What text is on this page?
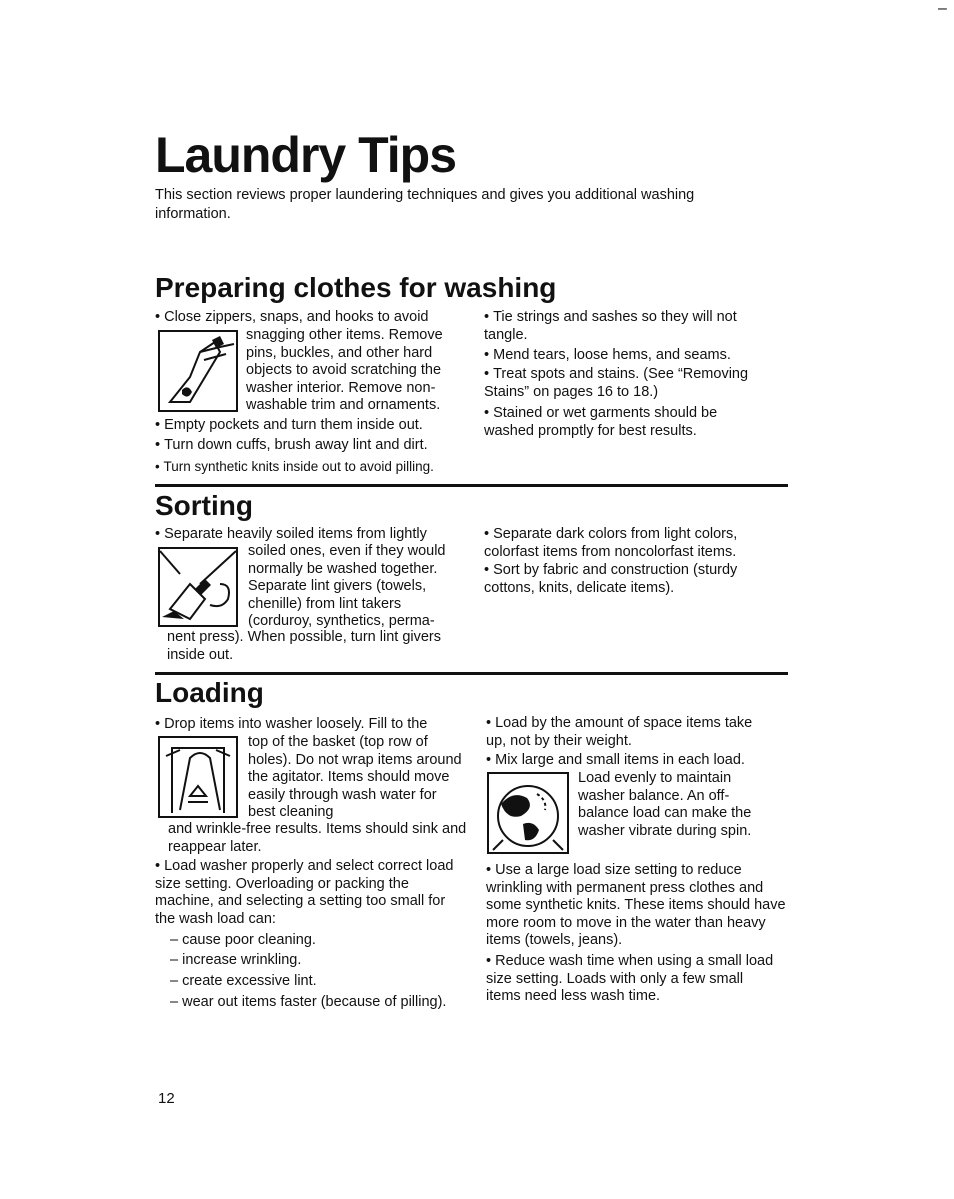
–
Laundry Tips
This section reviews proper laundering techniques and gives you additional washing information.
Preparing clothes for washing
• Close zippers, snaps, and hooks to avoid
snagging other items. Remove pins, buckles, and other hard objects to avoid scratching the washer interior. Remove non-washable trim and ornaments.
• Empty pockets and turn them inside out.
• Turn down cuffs, brush away lint and dirt.
• Turn synthetic knits inside out to avoid pilling.
• Tie strings and sashes so they will not tangle.
• Mend tears, loose hems, and seams.
• Treat spots and stains. (See “Removing Stains” on pages 16 to 18.)
• Stained or wet garments should be washed promptly for best results.
Sorting
• Separate heavily soiled items from lightly
soiled ones, even if they would normally be washed together. Separate lint givers (towels, chenille) from lint takers (corduroy, synthetics, perma-
nent press). When possible, turn lint givers inside out.
• Separate dark colors from light colors, colorfast items from noncolorfast items.
• Sort by fabric and construction (sturdy cottons, knits, delicate items).
Loading
• Drop items into washer loosely. Fill to the
top of the basket (top row of holes). Do not wrap items around the agitator. Items should move easily through wash water for best cleaning
and wrinkle-free results. Items should sink and reappear later.
• Load washer properly and select correct load size setting. Overloading or packing the machine, and selecting a setting too small for the wash load can:
– cause poor cleaning.
– increase wrinkling.
– create excessive lint.
– wear out items faster (because of pilling).
• Load by the amount of space items take up, not by their weight.
• Mix large and small items in each load.
Load evenly to maintain washer balance. An off-balance load can make the washer vibrate during spin.
• Use a large load size setting to reduce wrinkling with permanent press clothes and some synthetic knits. These items should have more room to move in the water than heavy items (towels, jeans).
• Reduce wash time when using a small load size setting. Loads with only a few small items need less wash time.
12
